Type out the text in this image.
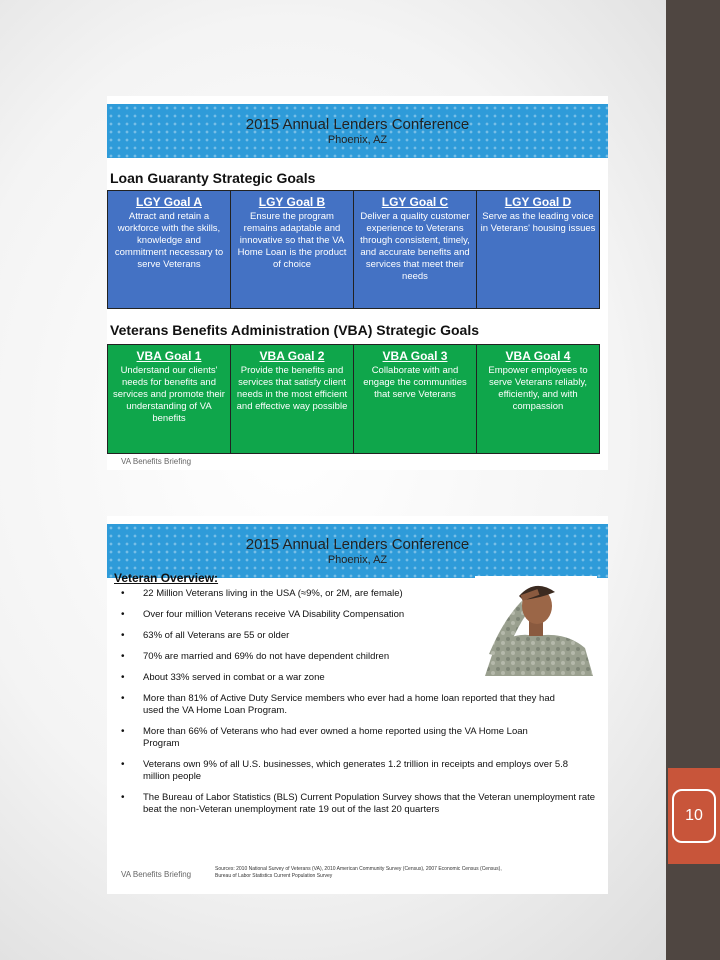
10
2015 Annual Lenders Conference
Phoenix, AZ
Loan Guaranty Strategic Goals
LGY Goal A
Attract and retain a workforce with the skills, knowledge and commitment necessary to serve Veterans
LGY Goal B
Ensure the program remains adaptable and innovative so that the VA Home Loan is the product of choice
LGY Goal C
Deliver a quality customer experience to Veterans through consistent, timely, and accurate benefits and services that meet their needs
LGY Goal D
Serve as the leading voice in Veterans' housing issues
Veterans Benefits Administration (VBA) Strategic Goals
VBA Goal 1
Understand our clients' needs for benefits and services and promote their understanding of VA benefits
VBA Goal 2
Provide the benefits and services that satisfy client needs in the most efficient and effective way possible
VBA Goal 3
Collaborate with and engage the communities that serve Veterans
VBA Goal 4
Empower employees to serve Veterans reliably, efficiently, and with compassion
VA Benefits Briefing
2015 Annual Lenders Conference
Phoenix, AZ
Veteran Overview:
• 22 Million Veterans living in the USA (≈9%, or 2M, are female)
• Over four million Veterans receive VA Disability Compensation
• 63% of all Veterans are 55 or older
• 70% are married and 69% do not have dependent children
• About 33% served in combat or a war zone
• More than 81% of Active Duty Service members who ever had a home loan reported that they had used the VA Home Loan Program.
• More than 66% of Veterans who had ever owned a home reported using the VA Home Loan Program
• Veterans own 9% of all U.S. businesses, which generates 1.2 trillion in receipts and employs over 5.8 million people
• The Bureau of Labor Statistics (BLS) Current Population Survey shows that the Veteran unemployment rate beat the non-Veteran unemployment rate 19 out of the last 20 quarters
VA Benefits Briefing
Sources: 2010 National Survey of Veterans (VA), 2010 American Community Survey (Census), 2007 Economic Census (Census), Bureau of Labor Statistics Current Population Survey
